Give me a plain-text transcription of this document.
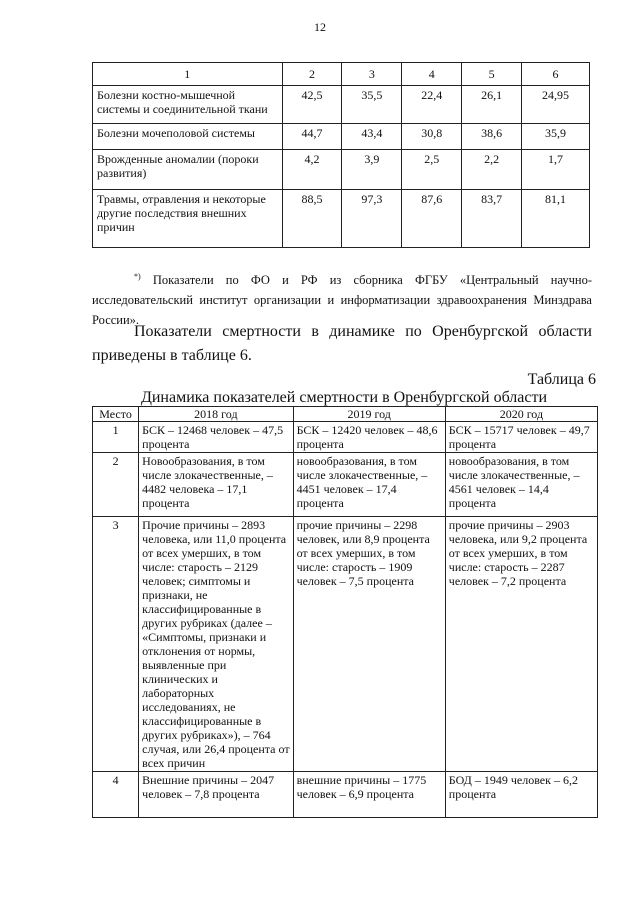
12
1	2	3	4	5	6
Болезни костно-мышечной системы и соединительной ткани	42,5	35,5	22,4	26,1	24,95
Болезни мочеполовой системы	44,7	43,4	30,8	38,6	35,9
Врожденные аномалии (пороки развития)	4,2	3,9	2,5	2,2	1,7
Травмы, отравления и некоторые другие последствия внешних причин	88,5	97,3	87,6	83,7	81,1
*) Показатели по ФО и РФ из сборника ФГБУ «Центральный научно-исследовательский институт организации и информатизации здравоохранения Минздрава России».
Показатели смертности в динамике по Оренбургской области приведены в таблице 6.
Таблица 6
Динамика показателей смертности в Оренбургской области
Место	2018 год	2019 год	2020 год
1	БСК – 12468 человек – 47,5 процента	БСК – 12420 человек – 48,6 процента	БСК – 15717 человек – 49,7 процента
2	Новообразования, в том числе злокачественные, – 4482 человека – 17,1 процента	новообразования, в том числе злокачественные, – 4451 человек – 17,4 процента	новообразования, в том числе злокачественные, – 4561 человек – 14,4 процента
3	Прочие причины – 2893 человека, или 11,0 процента от всех умерших, в том числе: старость – 2129 человек; симптомы и признаки, не классифицированные в других рубриках (далее – «Симптомы, признаки и отклонения от нормы, выявленные при клинических и лабораторных исследованиях, не классифицированные в других рубриках»), – 764 случая, или 26,4 процента от всех причин	прочие причины – 2298 человек, или 8,9 процента от всех умерших, в том числе: старость – 1909 человек – 7,5 процента	прочие причины – 2903 человека, или 9,2 процента от всех умерших, в том числе: старость – 2287 человек – 7,2 процента
4	Внешние причины – 2047 человек – 7,8 процента	внешние причины – 1775 человек – 6,9 процента	БОД – 1949 человек – 6,2 процента
